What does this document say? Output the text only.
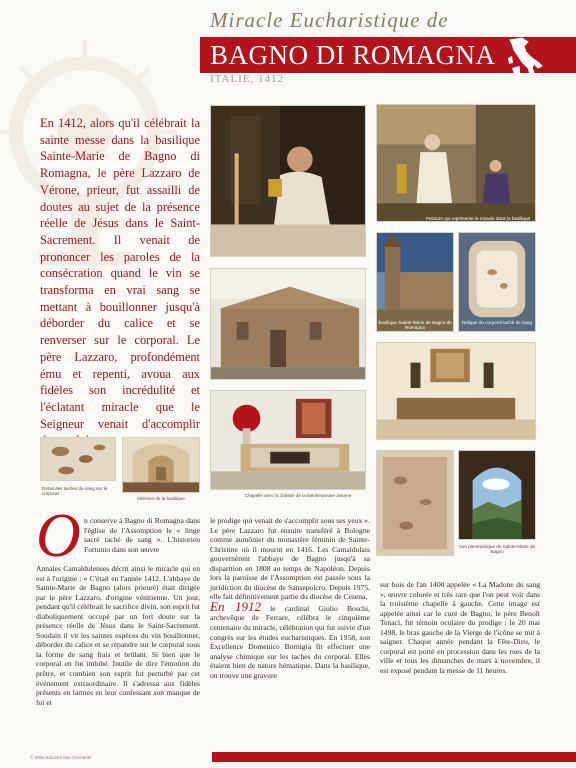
Miracle Eucharistique de
BAGNO DI ROMAGNA
ITALIE, 1412
En 1412, alors qu'il célébrait la sainte messe dans la basilique Sainte-Marie de Bagno di Romagna, le père Lazzaro de Vérone, prieur, fut assailli de doutes au sujet de la présence réelle de Jésus dans le Saint-Sacrement. Il venait de prononcer les paroles de la consécration quand le vin se transforma en vrai sang se mettant à bouillonner jusqu'à déborder du calice et se renverser sur le corporal. Le père Lazzaro, profondément ému et repenti, avoua aux fidèles son incrédulité et l'éclatant miracle que le Seigneur venait d'accomplir
Chapelle avec la châsse de la bienheureuse Jeanne
Détail des taches de sang sur le corporal
Intérieur de la basilique
Peinture qui représente le miracle dans la basilique
Basilique Sainte-Marie de Bagno de Romagna
Relique du corporal taché de sang
Vue panoramique de Sainte-Marie de Bagno
O n conserve à Bagno di Romagna dans l'église de l'Assomption le « linge sacré taché de sang ». L'historien Fortunio dans son œuvre
Annales Camaldulenses décrit ainsi le miracle qui en est à l'origine : « C'était en l'année 1412. L'abbaye de Sainte-Marie de Bagno (alors prieuré) était dirigée par le père Lazzaro, d'origine vénitienne. Un jour, pendant qu'il célébrait le sacrifice divin, son esprit fut diaboliquement occupé par un fort doute sur la présence réelle de Jésus dans le Saint-Sacrement. Soudain il vit les saintes espèces du vin bouillonner, déborder du calice et se répandre sur le corporal sous la forme de sang frais et brûlant. Si bien que le corporal en fut imbibé. Inutile de dire l'émotion du prêtre, et combien son esprit fut perturbé par cet événement extraordinaire. Il s'adressa aux fidèles présents en larmes en leur confessant son manque de foi et
le prodige qui venait de s'accomplir sous ses yeux ». Le père Lazzaro fut ensuite transféré à Bologne comme aumônier du monastère féminin de Sainte-Christine où il mourut en 1416. Les Camaldolais gouvernèrent l'abbaye de Bagno jusqu'à sa disparition en 1808 au temps de Napoléon. Depuis lors la paroisse de l'Assomption est passée sous la juridiction du diocèse de Sansepolcro. Depuis 1975, elle fait définitivement partie du diocèse de Cesena.
En 1912 le cardinal Giulio Boschi, archevêque de Ferrare, célébra le cinquième centenaire du miracle, célébration qui fut suivie d'un congrès sur les études eucharistiques. En 1958, son Excellence Domenico Bornigia fit effectuer une analyse chimique sur les taches du corporal. Elles étaient bien de nature hématique. Dans la basilique, on trouve une gravure
sur bois de l'an 1400 appelée « La Madone du sang », œuvre colorée et très rare que l'on peut voir dans la troisième chapelle à gauche. Cette image est appelée ainsi car le curé de Bagno, le père Benoît Tenaci, fut témoin oculaire du prodige : le 20 mai 1498, le bras gauche de la Vierge de l'icône se mit à saigner. Chaque année pendant la Fête-Dieu, le corporal est porté en procession dans les rues de la ville et tous les dimanches de mars à novembre, il est exposé pendant la messe de 11 heures.
© 2006 Edizioni San Clemente
